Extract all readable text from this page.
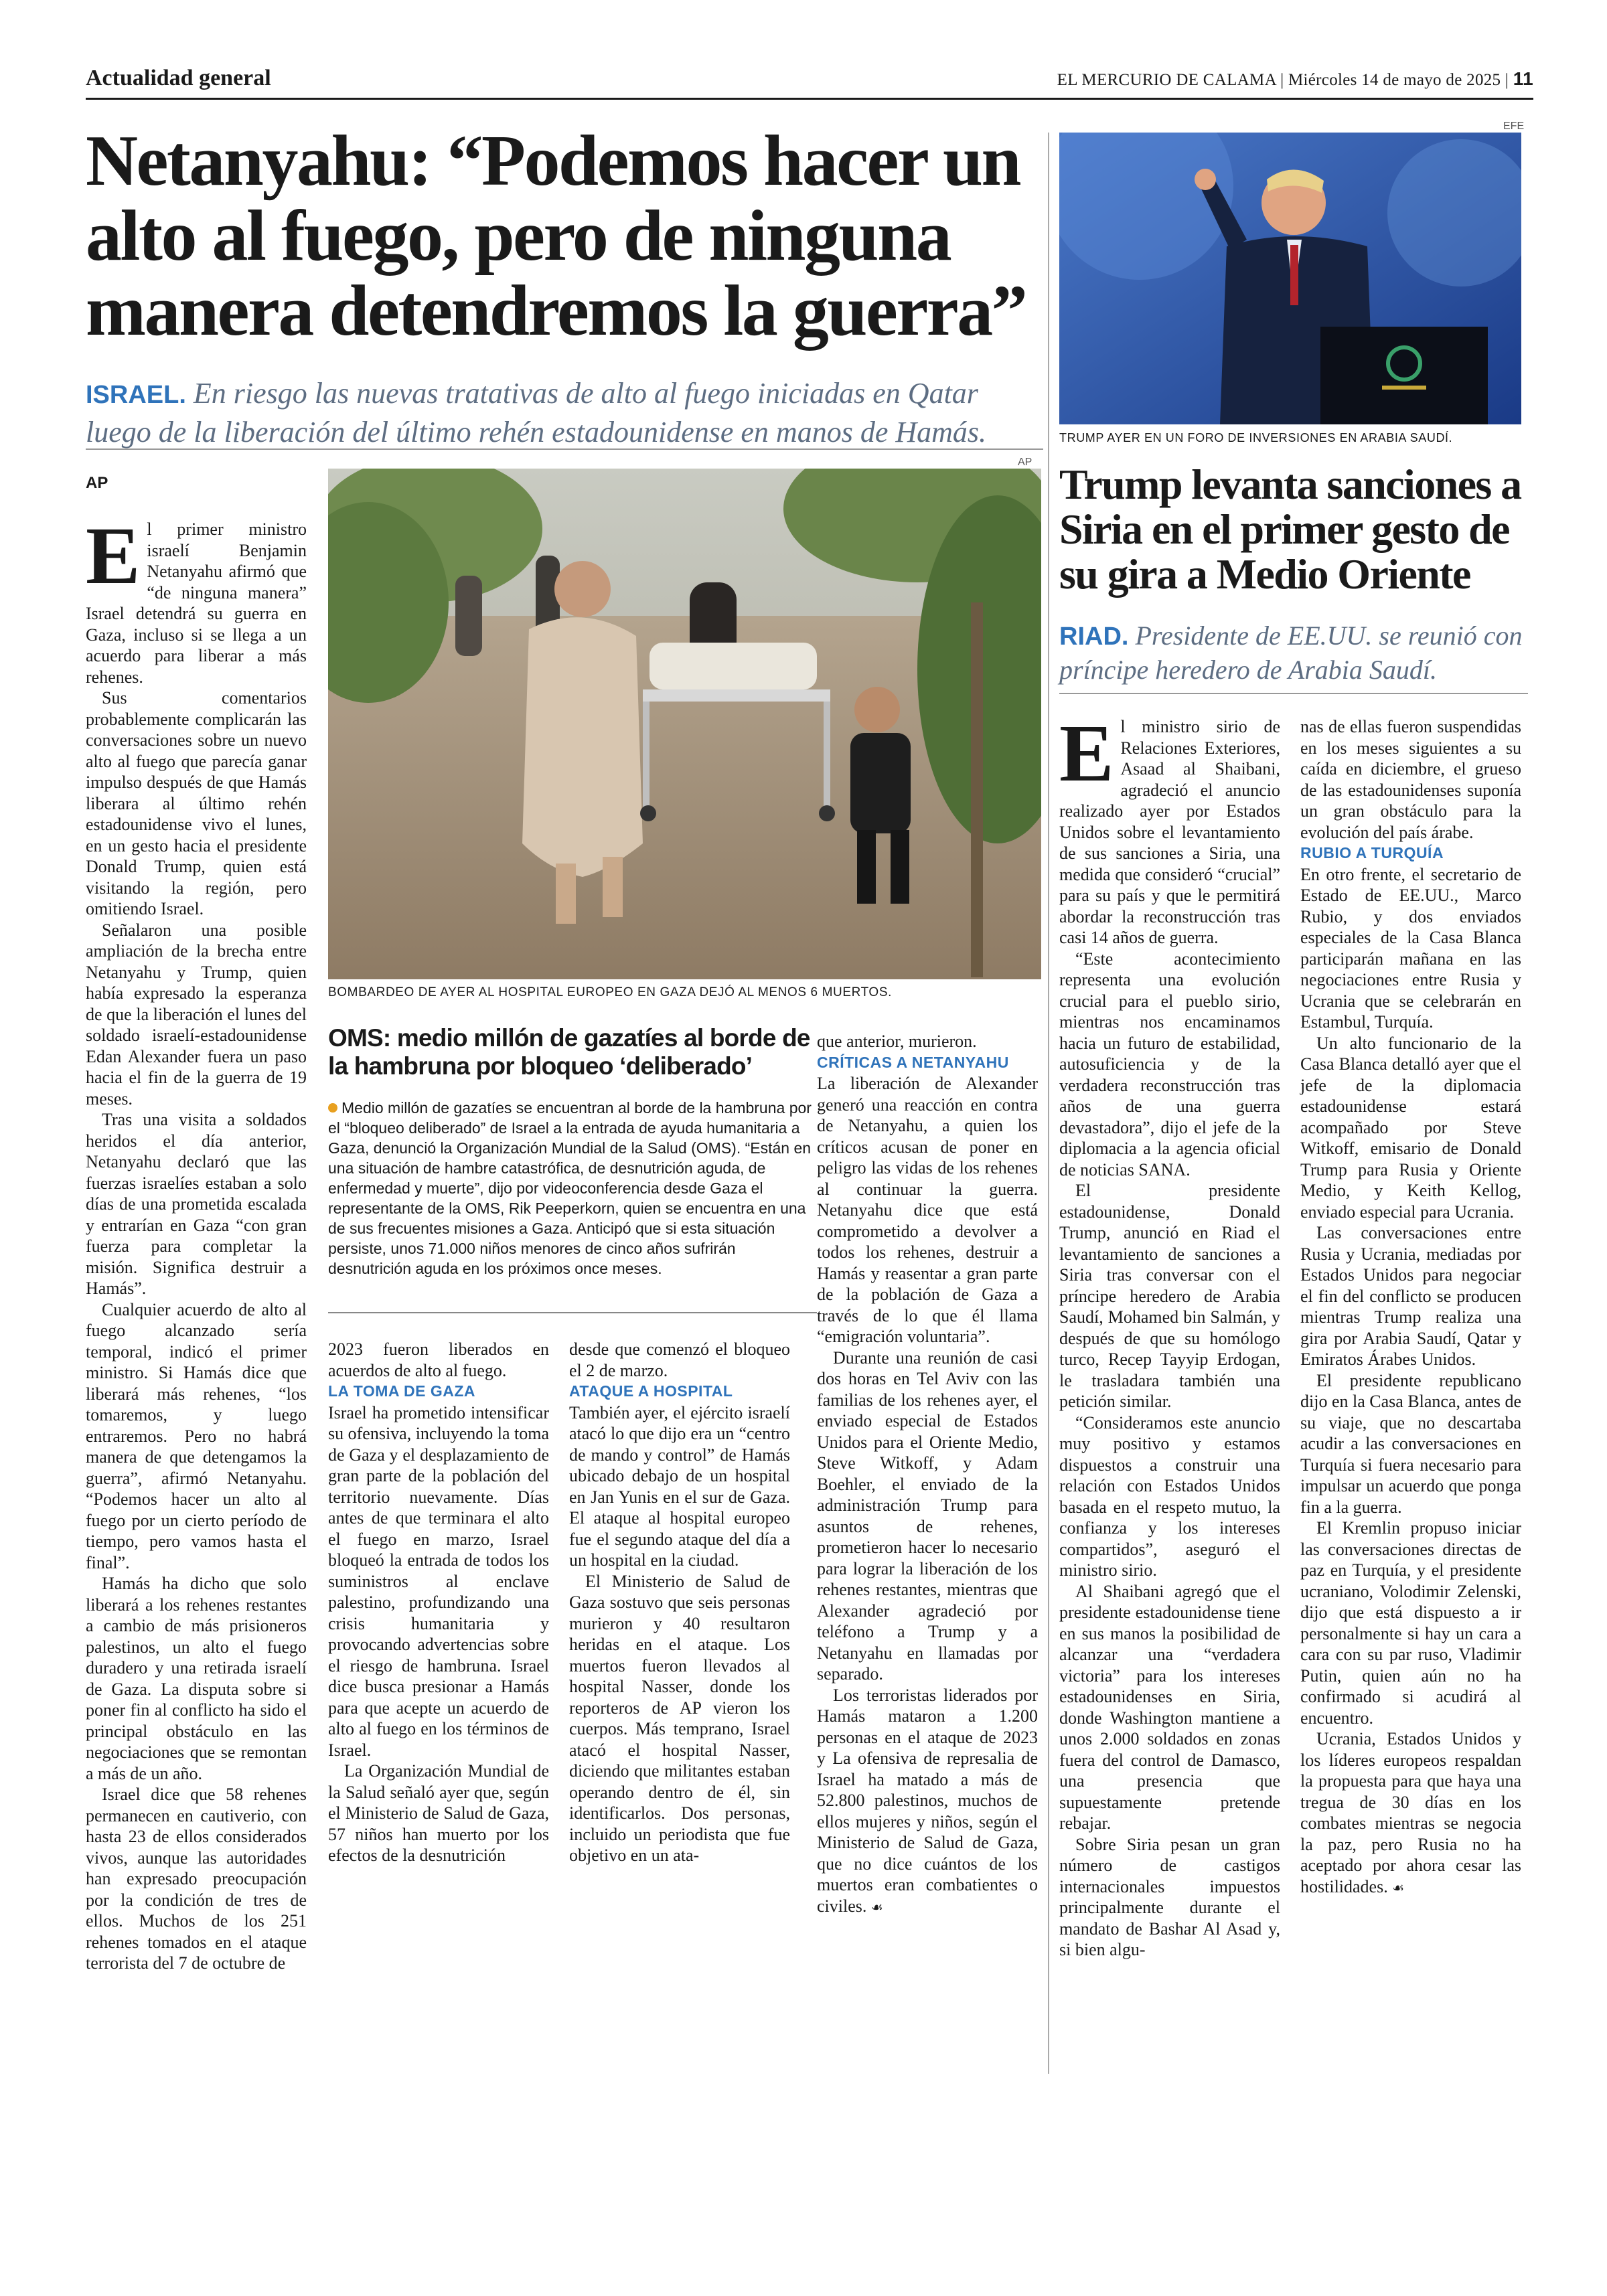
Actualidad general	EL MERCURIO DE CALAMA | Miércoles 14 de mayo de 2025 | 11
Netanyahu: “Podemos hacer un alto al fuego, pero de ninguna manera detendremos la guerra”
ISRAEL. En riesgo las nuevas tratativas de alto al fuego iniciadas en Qatar luego de la liberación del último rehén estadounidense en manos de Hamás.
AP

El primer ministro israelí Benjamin Netanyahu afirmó que “de ninguna manera” Israel detendrá su guerra en Gaza, incluso si se llega a un acuerdo para liberar a más rehenes.

Sus comentarios probablemente complicarán las conversaciones sobre un nuevo alto al fuego que parecía ganar impulso después de que Hamás liberara al último rehén estadounidense vivo el lunes, en un gesto hacia el presidente Donald Trump, quien está visitando la región, pero omitiendo Israel.

Señalaron una posible ampliación de la brecha entre Netanyahu y Trump, quien había expresado la esperanza de que la liberación el lunes del soldado israelí-estadounidense Edan Alexander fuera un paso hacia el fin de la guerra de 19 meses.

Tras una visita a soldados heridos el día anterior, Netanyahu declaró que las fuerzas israelíes estaban a solo días de una prometida escalada y entrarían en Gaza “con gran fuerza para completar la misión. Significa destruir a Hamás”.

Cualquier acuerdo de alto al fuego alcanzado sería temporal, indicó el primer ministro. Si Hamás dice que liberará más rehenes, “los tomaremos, y luego entraremos. Pero no habrá manera de que detengamos la guerra”, afirmó Netanyahu. “Podemos hacer un alto al fuego por un cierto período de tiempo, pero vamos hasta el final”.

Hamás ha dicho que solo liberará a los rehenes restantes a cambio de más prisioneros palestinos, un alto el fuego duradero y una retirada israelí de Gaza. La disputa sobre si poner fin al conflicto ha sido el principal obstáculo en las negociaciones que se remontan a más de un año.

Israel dice que 58 rehenes permanecen en cautiverio, con hasta 23 de ellos considerados vivos, aunque las autoridades han expresado preocupación por la condición de tres de ellos. Muchos de los 251 rehenes tomados en el ataque terrorista del 7 de octubre de

AP
BOMBARDEO DE AYER AL HOSPITAL EUROPEO EN GAZA DEJÓ AL MENOS 6 MUERTOS.
OMS: medio millón de gazatíes al borde de la hambruna por bloqueo ‘deliberado’
Medio millón de gazatíes se encuentran al borde de la hambruna por el “bloqueo deliberado” de Israel a la entrada de ayuda humanitaria a Gaza, denunció la Organización Mundial de la Salud (OMS). “Están en una situación de hambre catastrófica, de desnutrición aguda, de enfermedad y muerte”, dijo por videoconferencia desde Gaza el representante de la OMS, Rik Peeperkorn, quien se encuentra en una de sus frecuentes misiones a Gaza. Anticipó que si esta situación persiste, unos 71.000 niños menores de cinco años sufrirán desnutrición aguda en los próximos once meses.

2023 fueron liberados en acuerdos de alto al fuego.

LA TOMA DE GAZA

Israel ha prometido intensificar su ofensiva, incluyendo la toma de Gaza y el desplazamiento de gran parte de la población del territorio nuevamente. Días antes de que terminara el alto el fuego en marzo, Israel bloqueó la entrada de todos los suministros al enclave palestino, profundizando una crisis humanitaria y provocando advertencias sobre el riesgo de hambruna. Israel dice busca presionar a Hamás para que acepte un acuerdo de alto al fuego en los términos de Israel.

La Organización Mundial de la Salud señaló ayer que, según el Ministerio de Salud de Gaza, 57 niños han muerto por los efectos de la desnutrición

desde que comenzó el bloqueo el 2 de marzo.

ATAQUE A HOSPITAL

También ayer, el ejército israelí atacó lo que dijo era un “centro de mando y control” de Hamás ubicado debajo de un hospital en Jan Yunis en el sur de Gaza. El ataque al hospital europeo fue el segundo ataque del día a un hospital en la ciudad.

El Ministerio de Salud de Gaza sostuvo que seis personas murieron y 40 resultaron heridas en el ataque. Los muertos fueron llevados al hospital Nasser, donde los reporteros de AP vieron los cuerpos. Más temprano, Israel atacó el hospital Nasser, diciendo que militantes estaban operando dentro de él, sin identificarlos. Dos personas, incluido un periodista que fue objetivo en un ata-

que anterior, murieron.

CRÍTICAS A NETANYAHU

La liberación de Alexander generó una reacción en contra de Netanyahu, a quien los críticos acusan de poner en peligro las vidas de los rehenes al continuar la guerra. Netanyahu dice que está comprometido a devolver a todos los rehenes, destruir a Hamás y reasentar a gran parte de la población de Gaza a través de lo que él llama “emigración voluntaria”.

Durante una reunión de casi dos horas en Tel Aviv con las familias de los rehenes ayer, el enviado especial de Estados Unidos para el Oriente Medio, Steve Witkoff, y Adam Boehler, el enviado de la administración Trump para asuntos de rehenes, prometieron hacer lo necesario para lograr la liberación de los rehenes restantes, mientras que Alexander agradeció por teléfono a Trump y a Netanyahu en llamadas por separado.

Los terroristas liderados por Hamás mataron a 1.200 personas en el ataque de 2023 y La ofensiva de represalia de Israel ha matado a más de 52.800 palestinos, muchos de ellos mujeres y niños, según el Ministerio de Salud de Gaza, que no dice cuántos de los muertos eran combatientes o civiles. ☙

EFE
TRUMP AYER EN UN FORO DE INVERSIONES EN ARABIA SAUDÍ.
Trump levanta sanciones a Siria en el primer gesto de su gira a Medio Oriente
RIAD. Presidente de EE.UU. se reunió con príncipe heredero de Arabia Saudí.

El ministro sirio de Relaciones Exteriores, Asaad al Shaibani, agradeció el anuncio realizado ayer por Estados Unidos sobre el levantamiento de sus sanciones a Siria, una medida que consideró “crucial” para su país y que le permitirá abordar la reconstrucción tras casi 14 años de guerra.

“Este acontecimiento representa una evolución crucial para el pueblo sirio, mientras nos encaminamos hacia un futuro de estabilidad, autosuficiencia y de la verdadera reconstrucción tras años de una guerra devastadora”, dijo el jefe de la diplomacia a la agencia oficial de noticias SANA.

El presidente estadounidense, Donald Trump, anunció en Riad el levantamiento de sanciones a Siria tras conversar con el príncipe heredero de Arabia Saudí, Mohamed bin Salmán, y después de que su homólogo turco, Recep Tayyip Erdogan, le trasladara también una petición similar.

“Consideramos este anuncio muy positivo y estamos dispuestos a construir una relación con Estados Unidos basada en el respeto mutuo, la confianza y los intereses compartidos”, aseguró el ministro sirio.

Al Shaibani agregó que el presidente estadounidense tiene en sus manos la posibilidad de alcanzar una “verdadera victoria” para los intereses estadounidenses en Siria, donde Washington mantiene a unos 2.000 soldados en zonas fuera del control de Damasco, una presencia que supuestamente pretende rebajar.

Sobre Siria pesan un gran número de castigos internacionales impuestos principalmente durante el mandato de Bashar Al Asad y, si bien algu-

nas de ellas fueron suspendidas en los meses siguientes a su caída en diciembre, el grueso de las estadounidenses suponía un gran obstáculo para la evolución del país árabe.

RUBIO A TURQUÍA

En otro frente, el secretario de Estado de EE.UU., Marco Rubio, y dos enviados especiales de la Casa Blanca participarán mañana en las negociaciones entre Rusia y Ucrania que se celebrarán en Estambul, Turquía.

Un alto funcionario de la Casa Blanca detalló ayer que el jefe de la diplomacia estadounidense estará acompañado por Steve Witkoff, emisario de Donald Trump para Rusia y Oriente Medio, y Keith Kellog, enviado especial para Ucrania.

Las conversaciones entre Rusia y Ucrania, mediadas por Estados Unidos para negociar el fin del conflicto se producen mientras Trump realiza una gira por Arabia Saudí, Qatar y Emiratos Árabes Unidos.

El presidente republicano dijo en la Casa Blanca, antes de su viaje, que no descartaba acudir a las conversaciones en Turquía si fuera necesario para impulsar un acuerdo que ponga fin a la guerra.

El Kremlin propuso iniciar las conversaciones directas de paz en Turquía, y el presidente ucraniano, Volodimir Zelenski, dijo que está dispuesto a ir personalmente si hay un cara a cara con su par ruso, Vladimir Putin, quien aún no ha confirmado si acudirá al encuentro.

Ucrania, Estados Unidos y los líderes europeos respaldan la propuesta para que haya una tregua de 30 días en los combates mientras se negocia la paz, pero Rusia no ha aceptado por ahora cesar las hostilidades. ☙
